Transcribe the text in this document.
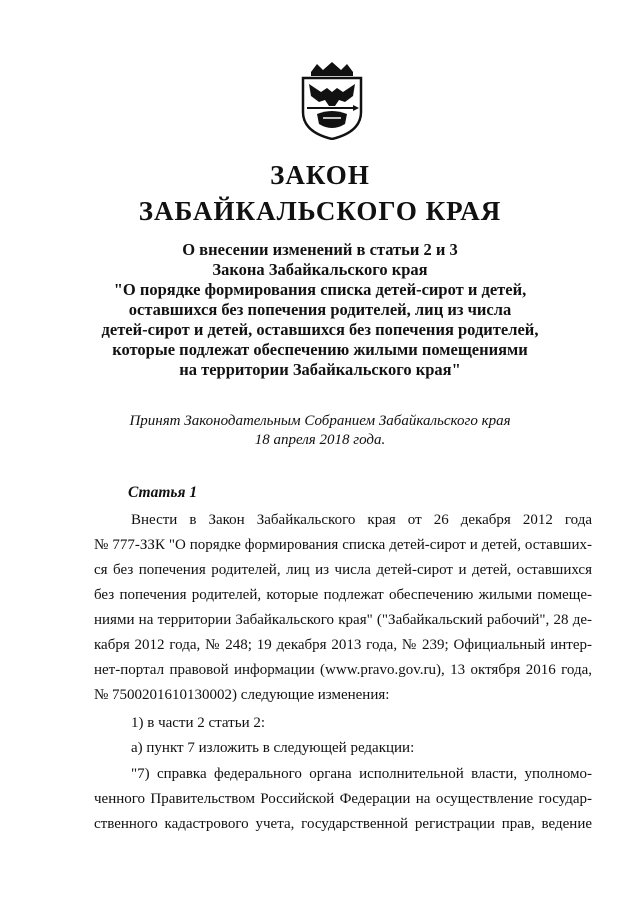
ЗАКОН
ЗАБАЙКАЛЬСКОГО КРАЯ
О внесении изменений в статьи 2 и 3
Закона Забайкальского края
"О порядке формирования списка детей-сирот и детей,
оставшихся без попечения родителей, лиц из числа
детей-сирот и детей, оставшихся без попечения родителей,
которые подлежат обеспечению жилыми помещениями
на территории Забайкальского края"
Принят Законодательным Собранием Забайкальского края
18 апреля 2018 года.
Статья 1
Внести в Закон Забайкальского края от 26 декабря 2012 года
№ 777-ЗЗК "О порядке формирования списка детей-сирот и детей, оставших-
ся без попечения родителей, лиц из числа детей-сирот и детей, оставшихся
без попечения родителей, которые подлежат обеспечению жилыми помеще-
ниями на территории Забайкальского края" ("Забайкальский рабочий", 28 де-
кабря 2012 года, № 248; 19 декабря 2013 года, № 239; Официальный интер-
нет-портал правовой информации (www.pravo.gov.ru), 13 октября 2016 года,
№ 7500201610130002) следующие изменения:
1) в части 2 статьи 2:
а) пункт 7 изложить в следующей редакции:
"7) справка федерального органа исполнительной власти, уполномо-
ченного Правительством Российской Федерации на осуществление государ-
ственного кадастрового учета, государственной регистрации прав, ведение
